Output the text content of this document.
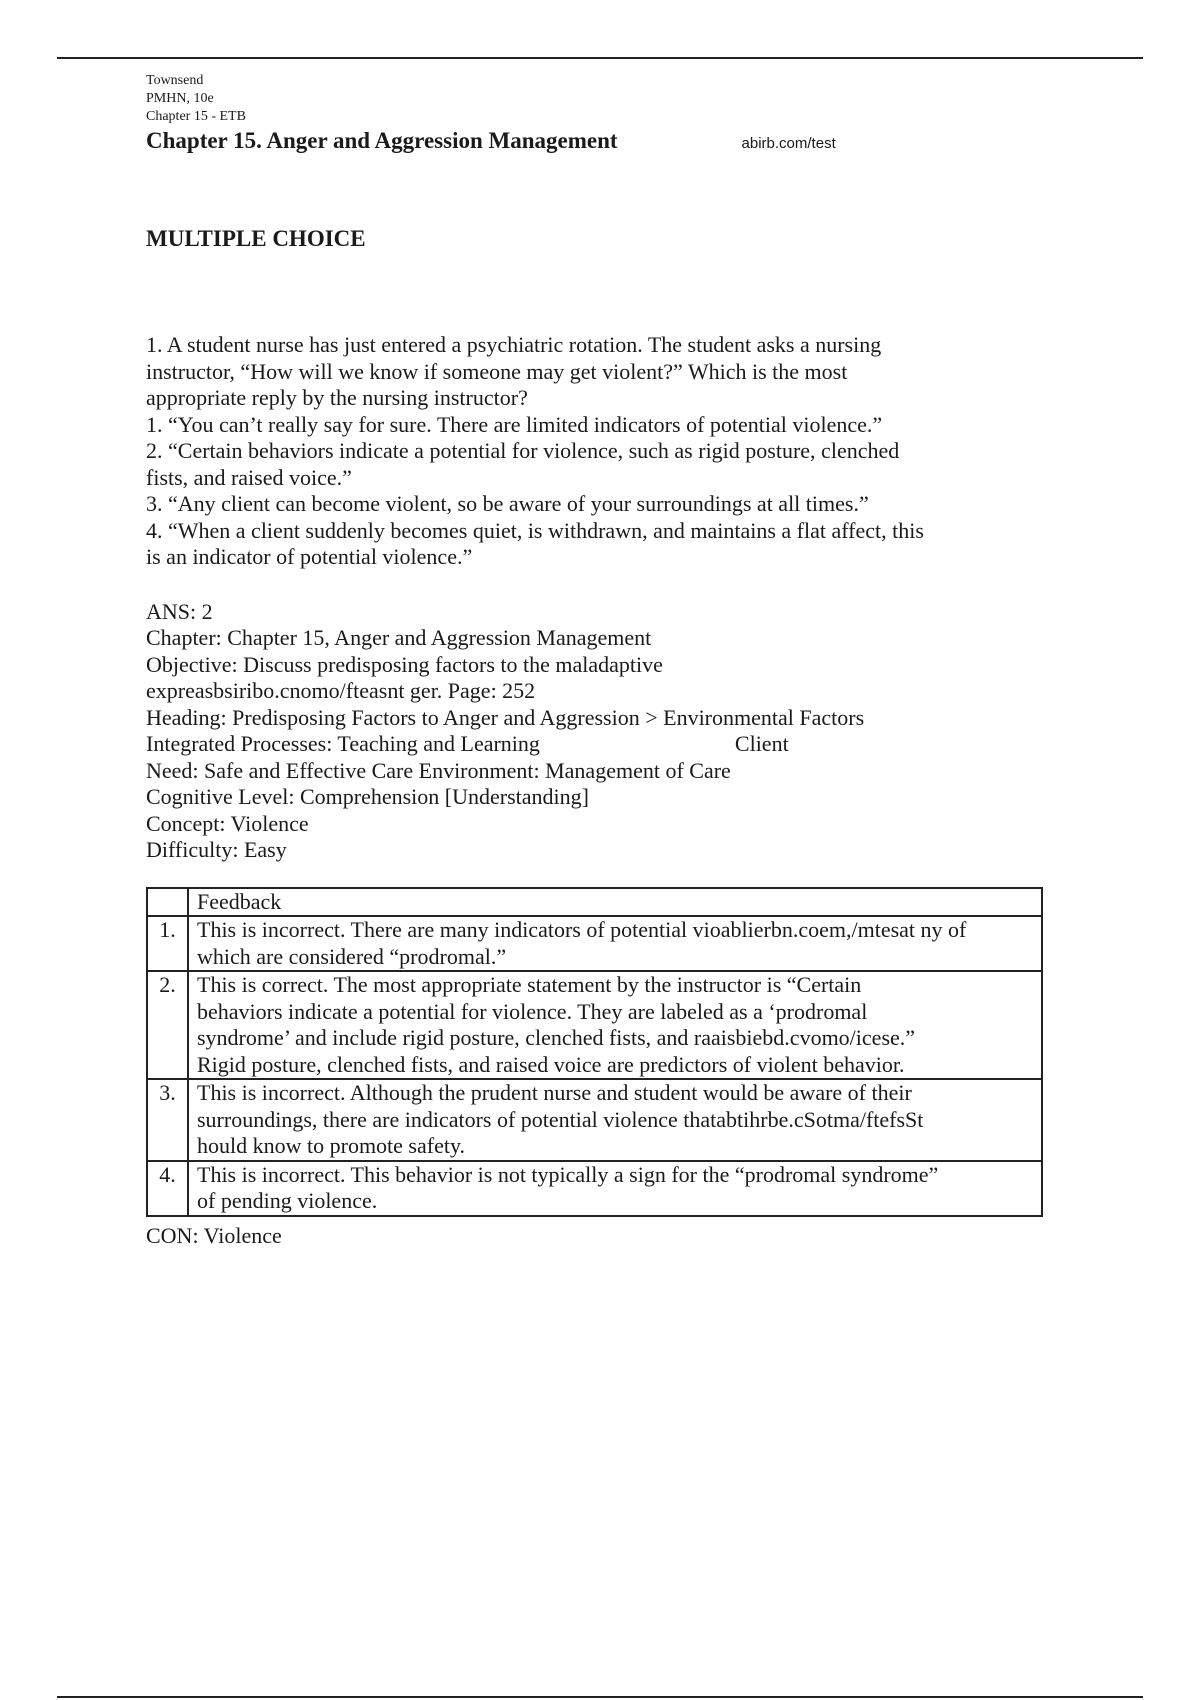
Townsend
PMHN, 10e
Chapter 15 - ETB
Chapter 15. Anger and Aggression Management	abirb.com/test
MULTIPLE CHOICE
1. A student nurse has just entered a psychiatric rotation. The student asks a nursing
instructor, “How will we know if someone may get violent?” Which is the most
appropriate reply by the nursing instructor?
1. “You can’t really say for sure. There are limited indicators of potential violence.”
2. “Certain behaviors indicate a potential for violence, such as rigid posture, clenched
fists, and raised voice.”
3. “Any client can become violent, so be aware of your surroundings at all times.”
4. “When a client suddenly becomes quiet, is withdrawn, and maintains a flat affect, this
is an indicator of potential violence.”
ANS: 2
Chapter: Chapter 15, Anger and Aggression Management
Objective: Discuss predisposing factors to the maladaptive
expreasbsiribo.cnomo/fteasnt ger. Page: 252
Heading: Predisposing Factors to Anger and Aggression > Environmental Factors
Integrated Processes: Teaching and Learning	Client
Need: Safe and Effective Care Environment: Management of Care
Cognitive Level: Comprehension [Understanding]
Concept: Violence
Difficulty: Easy
	Feedback
1.	This is incorrect. There are many indicators of potential vioablierbn.coem,/mtesat ny of
which are considered “prodromal.”

2.	This is correct. The most appropriate statement by the instructor is “Certain
behaviors indicate a potential for violence. They are labeled as a ‘prodromal
syndrome’ and include rigid posture, clenched fists, and raaisbiebd.cvomo/icese.”
Rigid posture, clenched fists, and raised voice are predictors of violent behavior.

3.	This is incorrect. Although the prudent nurse and student would be aware of their
surroundings, there are indicators of potential violence thatabtihrbe.cSotma/ftefsSt
hould know to promote safety.

4.	This is incorrect. This behavior is not typically a sign for the “prodromal syndrome”
of pending violence.
CON: Violence
